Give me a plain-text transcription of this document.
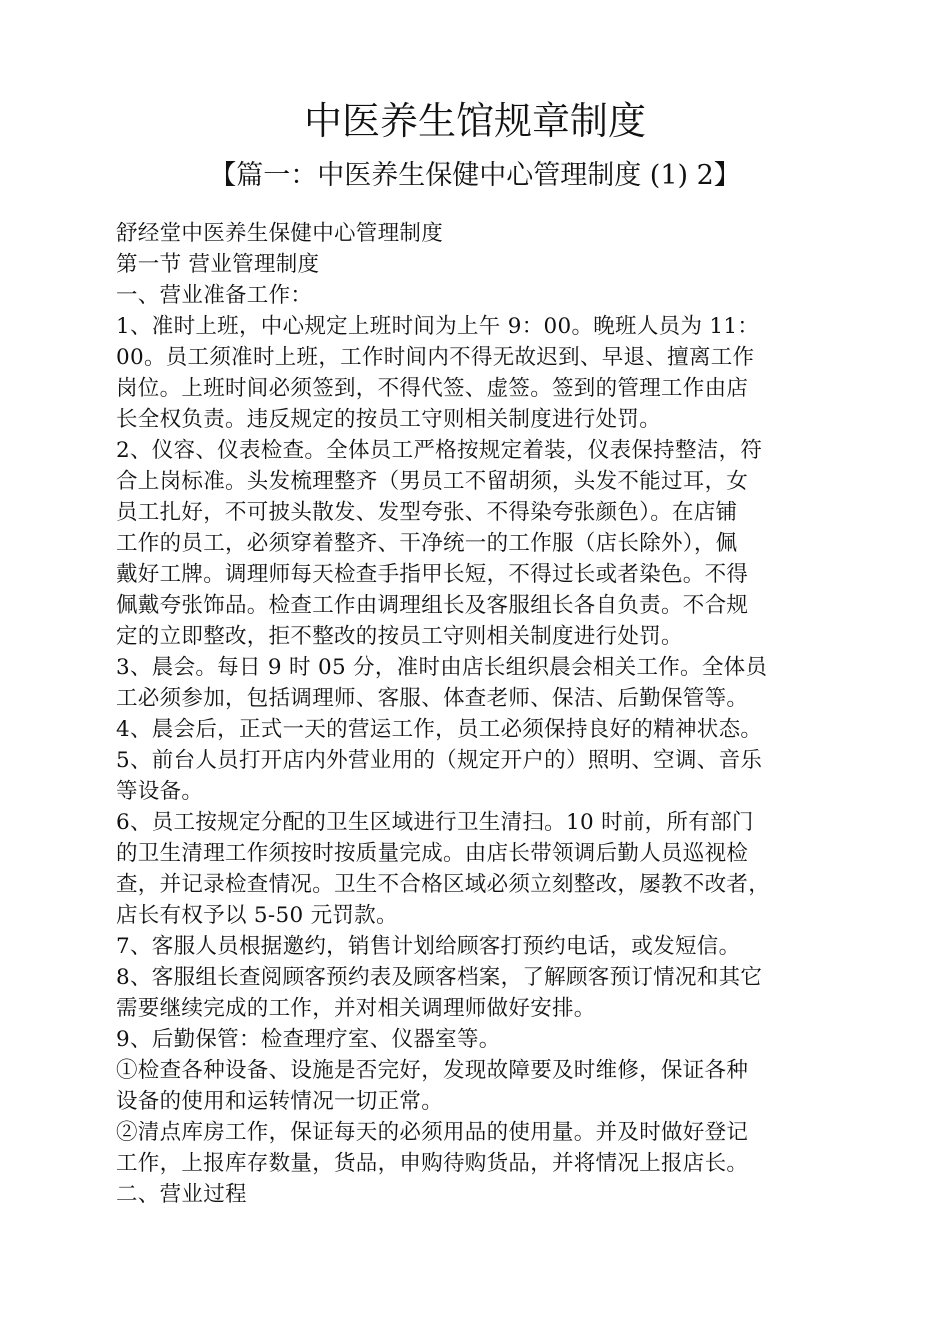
中医养生馆规章制度
【篇一：中医养生保健中心管理制度 (1) 2】
舒经堂中医养生保健中心管理制度
第一节 营业管理制度
一、营业准备工作：
1、准时上班，中心规定上班时间为上午 9：00。晚班人员为 11：
00。员工须准时上班，工作时间内不得无故迟到、早退、擅离工作
岗位。上班时间必须签到，不得代签、虚签。签到的管理工作由店
长全权负责。违反规定的按员工守则相关制度进行处罚。
2、仪容、仪表检查。全体员工严格按规定着装，仪表保持整洁，符
合上岗标准。头发梳理整齐（男员工不留胡须，头发不能过耳，女
员工扎好，不可披头散发、发型夸张、不得染夸张颜色）。在店铺
工作的员工，必须穿着整齐、干净统一的工作服（店长除外），佩
戴好工牌。调理师每天检查手指甲长短，不得过长或者染色。不得
佩戴夸张饰品。检查工作由调理组长及客服组长各自负责。不合规
定的立即整改，拒不整改的按员工守则相关制度进行处罚。
3、晨会。每日 9 时 05 分，准时由店长组织晨会相关工作。全体员
工必须参加，包括调理师、客服、体查老师、保洁、后勤保管等。
4、晨会后，正式一天的营运工作，员工必须保持良好的精神状态。
5、前台人员打开店内外营业用的（规定开户的）照明、空调、音乐
等设备。
6、员工按规定分配的卫生区域进行卫生清扫。10 时前，所有部门
的卫生清理工作须按时按质量完成。由店长带领调后勤人员巡视检
查，并记录检查情况。卫生不合格区域必须立刻整改，屡教不改者，
店长有权予以 5-50 元罚款。
7、客服人员根据邀约，销售计划给顾客打预约电话，或发短信。
8、客服组长查阅顾客预约表及顾客档案，了解顾客预订情况和其它
需要继续完成的工作，并对相关调理师做好安排。
9、后勤保管：检查理疗室、仪器室等。
①检查各种设备、设施是否完好，发现故障要及时维修，保证各种
设备的使用和运转情况一切正常。
②清点库房工作，保证每天的必须用品的使用量。并及时做好登记
工作，上报库存数量，货品，申购待购货品，并将情况上报店长。
二、营业过程
